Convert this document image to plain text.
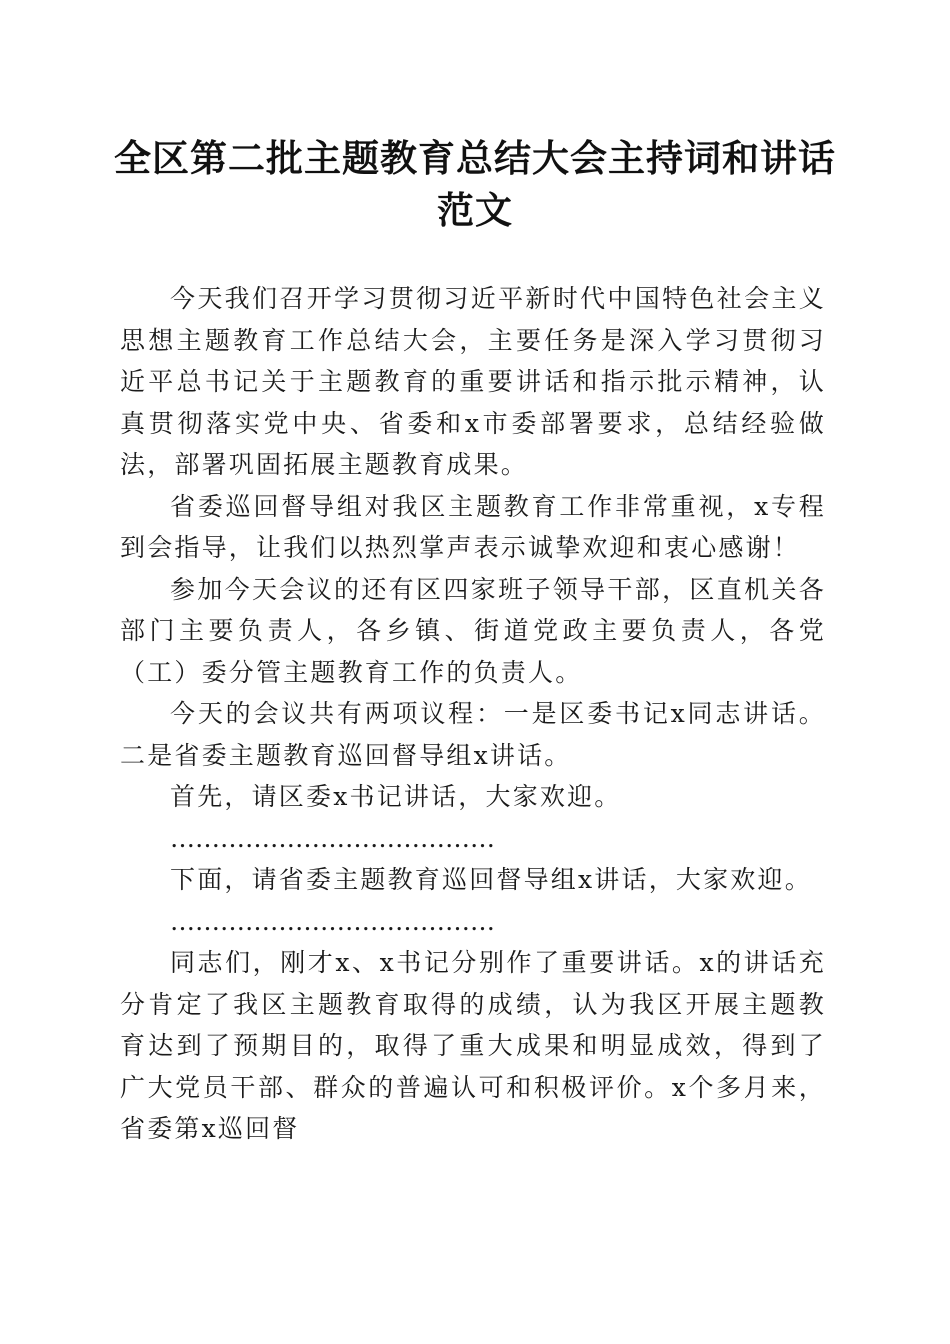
全区第二批主题教育总结大会主持词和讲话范文

今天我们召开学习贯彻习近平新时代中国特色社会主义思想主题教育工作总结大会，主要任务是深入学习贯彻习近平总书记关于主题教育的重要讲话和指示批示精神，认真贯彻落实党中央、省委和x市委部署要求，总结经验做法，部署巩固拓展主题教育成果。

省委巡回督导组对我区主题教育工作非常重视，x专程到会指导，让我们以热烈掌声表示诚挚欢迎和衷心感谢！

参加今天会议的还有区四家班子领导干部，区直机关各部门主要负责人，各乡镇、街道党政主要负责人，各党（工）委分管主题教育工作的负责人。

今天的会议共有两项议程：一是区委书记x同志讲话。二是省委主题教育巡回督导组x讲话。

首先，请区委x书记讲话，大家欢迎。

…………………………………

下面，请省委主题教育巡回督导组x讲话，大家欢迎。

…………………………………

同志们，刚才x、x书记分别作了重要讲话。x的讲话充分肯定了我区主题教育取得的成绩，认为我区开展主题教育达到了预期目的，取得了重大成果和明显成效，得到了广大党员干部、群众的普遍认可和积极评价。x个多月来，省委第x巡回督
